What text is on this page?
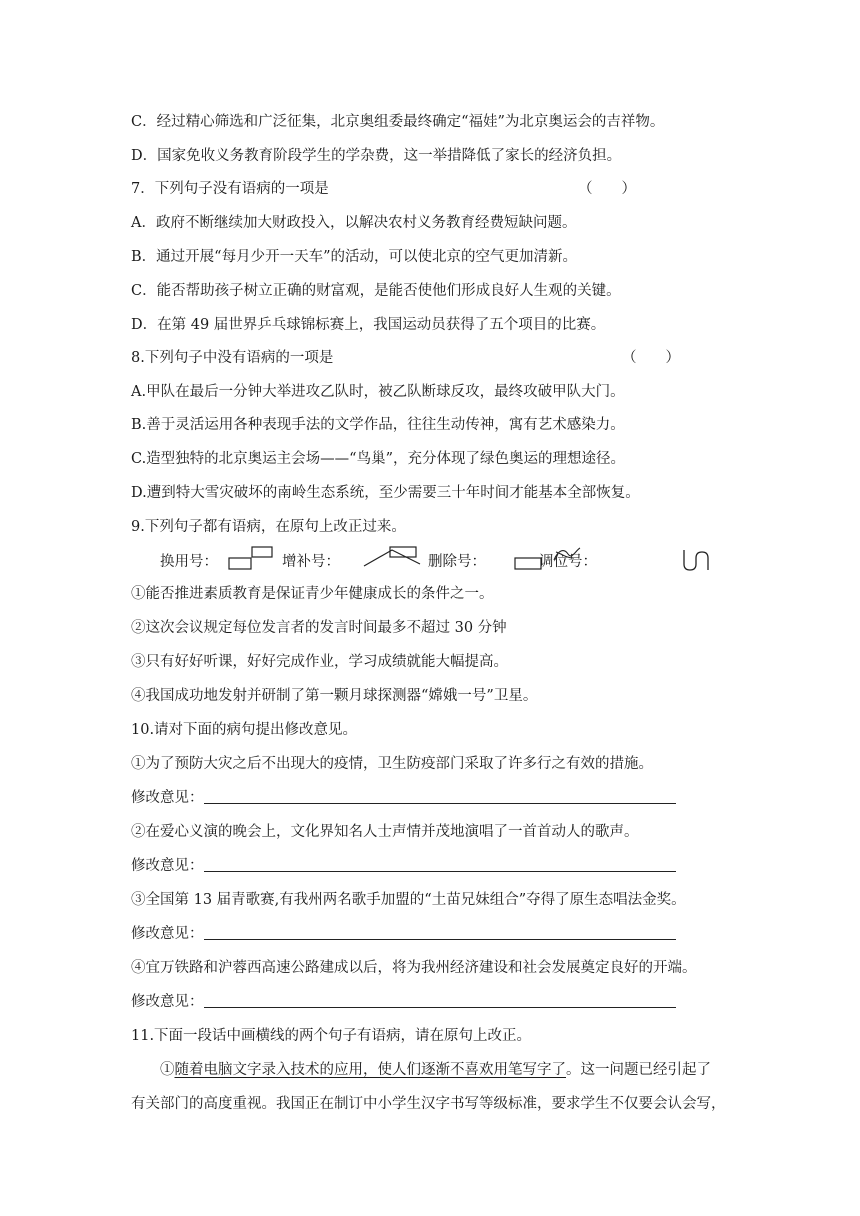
C．经过精心筛选和广泛征集，北京奥组委最终确定“福娃”为北京奥运会的吉祥物。

D．国家免收义务教育阶段学生的学杂费，这一举措降低了家长的经济负担。

7．下列句子没有语病的一项是	（　　）

A．政府不断继续加大财政投入，以解决农村义务教育经费短缺问题。

B．通过开展“每月少开一天车”的活动，可以使北京的空气更加清新。

C．能否帮助孩子树立正确的财富观，是能否使他们形成良好人生观的关键。

D．在第 49 届世界乒乓球锦标赛上，我国运动员获得了五个项目的比赛。

8.下列句子中没有语病的一项是	（　　）

A.甲队在最后一分钟大举进攻乙队时，被乙队断球反攻，最终攻破甲队大门。

B.善于灵活运用各种表现手法的文学作品，往往生动传神，寓有艺术感染力。

C.造型独特的北京奥运主会场——“鸟巢”，充分体现了绿色奥运的理想途径。

D.遭到特大雪灾破坏的南岭生态系统，至少需要三十年时间才能基本全部恢复。

9.下列句子都有语病，在原句上改正过来。

换用号：	增补号：	删除号：	调位号：

①能否推进素质教育是保证青少年健康成长的条件之一。

②这次会议规定每位发言者的发言时间最多不超过 30 分钟

③只有好好听课，好好完成作业，学习成绩就能大幅提高。

④我国成功地发射并研制了第一颗月球探测器“嫦娥一号”卫星。

10.请对下面的病句提出修改意见。

①为了预防大灾之后不出现大的疫情，卫生防疫部门采取了许多行之有效的措施。

修改意见：

②在爱心义演的晚会上，文化界知名人士声情并茂地演唱了一首首动人的歌声。

修改意见：

③全国第 13 届青歌赛,有我州两名歌手加盟的“土苗兄妹组合”夺得了原生态唱法金奖。

修改意见：

④宜万铁路和沪蓉西高速公路建成以后，将为我州经济建设和社会发展奠定良好的开端。

修改意见：

11.下面一段话中画横线的两个句子有语病，请在原句上改正。

①随着电脑文字录入技术的应用，使人们逐渐不喜欢用笔写字了。这一问题已经引起了

有关部门的高度重视。我国正在制订中小学生汉字书写等级标准，要求学生不仅要会认会写，
